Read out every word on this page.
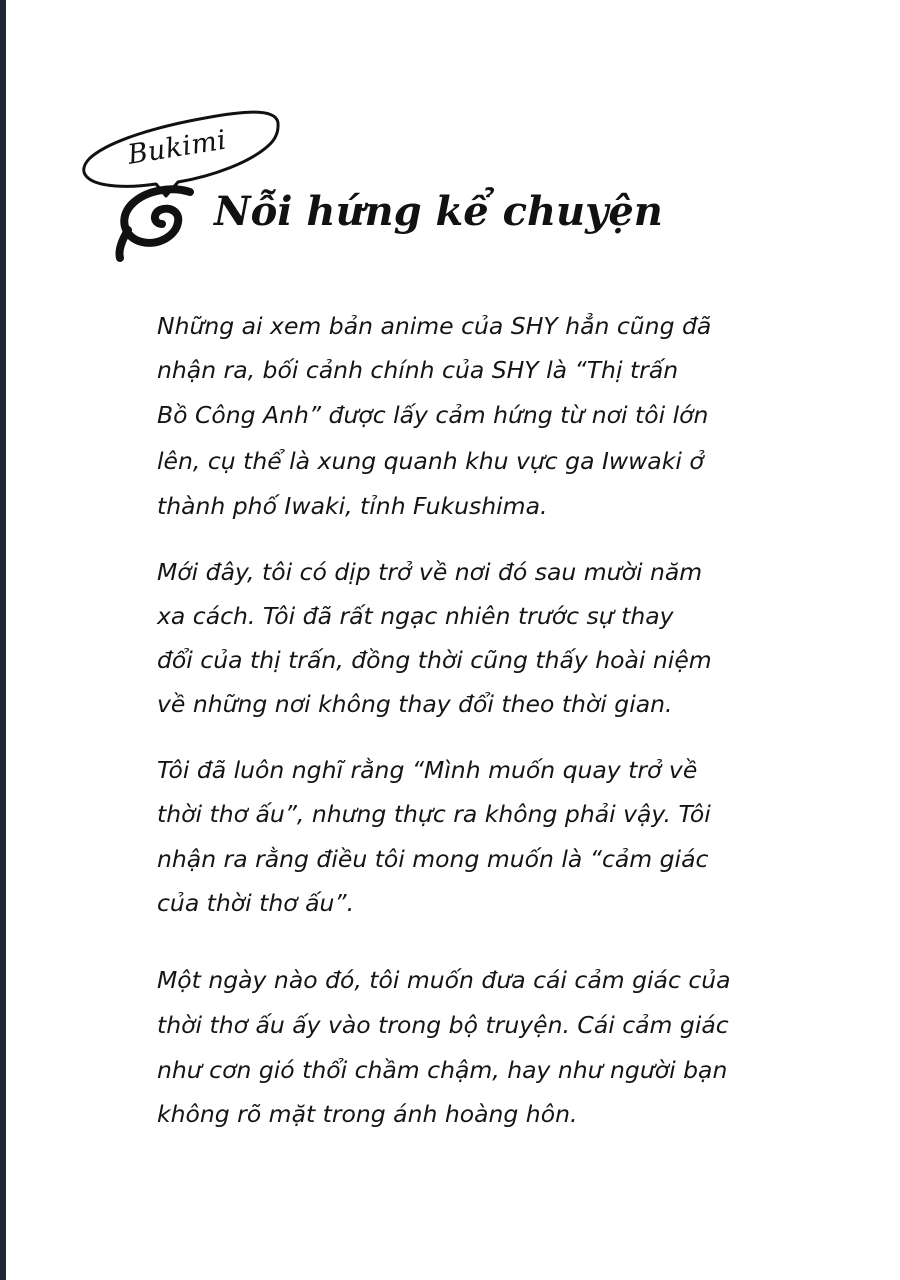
Bukimi
Nỗi hứng kể chuyện
Những ai xem bản anime của SHY hẳn cũng đã
nhận ra, bối cảnh chính của SHY là “Thị trấn
Bồ Công Anh” được lấy cảm hứng từ nơi tôi lớn
lên, cụ thể là xung quanh khu vực ga Iwwaki ở
thành phố Iwaki, tỉnh Fukushima.
Mới đây, tôi có dịp trở về nơi đó sau mười năm
xa cách. Tôi đã rất ngạc nhiên trước sự thay
đổi của thị trấn, đồng thời cũng thấy hoài niệm
về những nơi không thay đổi theo thời gian.
Tôi đã luôn nghĩ rằng “Mình muốn quay trở về
thời thơ ấu”, nhưng thực ra không phải vậy. Tôi
nhận ra rằng điều tôi mong muốn là “cảm giác
của thời thơ ấu”.
Một ngày nào đó, tôi muốn đưa cái cảm giác của
thời thơ ấu ấy vào trong bộ truyện. Cái cảm giác
như cơn gió thổi chầm chậm, hay như người bạn
không rõ mặt trong ánh hoàng hôn.
